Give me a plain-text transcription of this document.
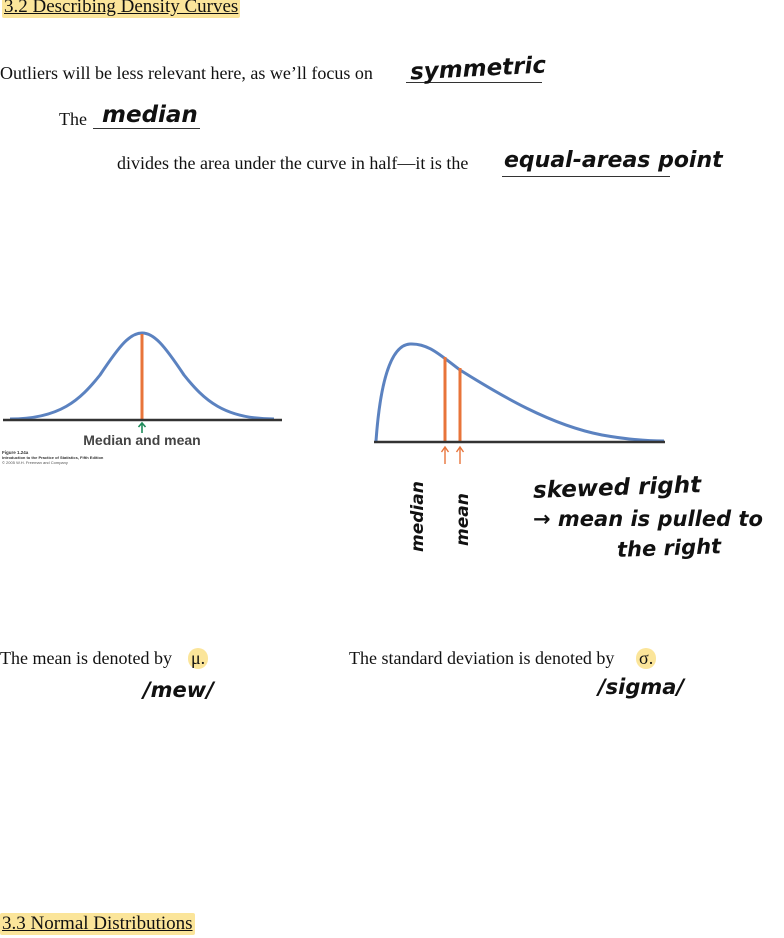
3.2 Describing Density Curves
Outliers will be less relevant here, as we’ll focus on symmetric
The median
divides the area under the curve in half—it is the equal-areas point
Median and mean
Figure 1.24a
Introduction to the Practice of Statistics, Fifth Edition
© 2005 W.H. Freeman and Company
median mean
skewed right
→ mean is pulled to
the right
The mean is denoted by μ.
/mew/
The standard deviation is denoted by σ.
/sigma/
3.3 Normal Distributions
